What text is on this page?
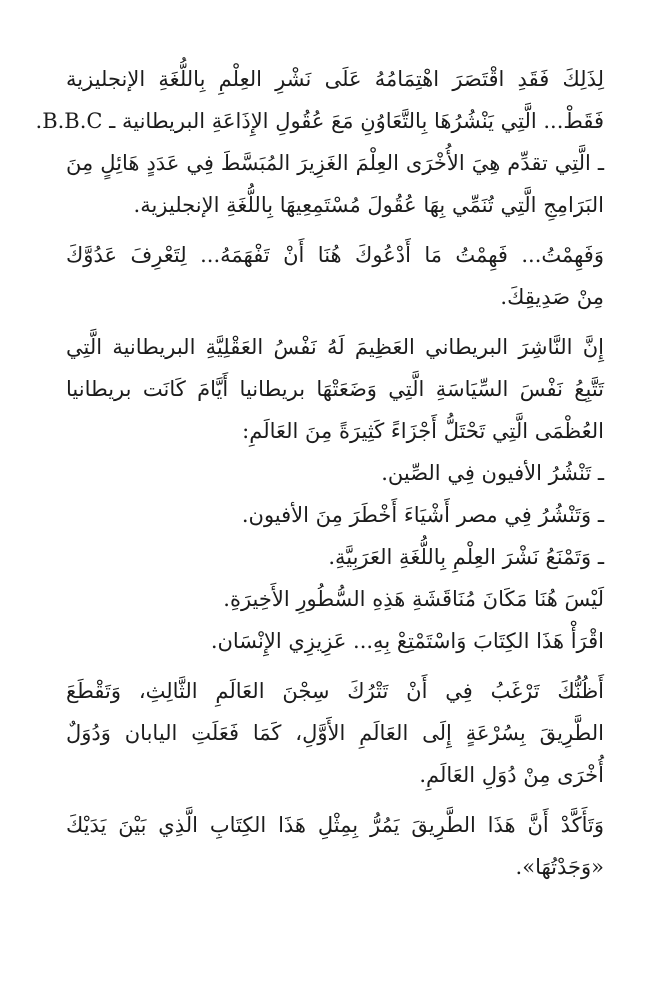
لِذَلِكَ فَقَدِ اقْتَصَرَ اهْتِمَامُهُ عَلَى نَشْرِ العِلْمِ بِاللُّغَةِ الإنجليزية
فَقَطْ... الَّتِي يَنْشُرُهَا بِالتَّعَاوُنِ مَعَ عُقُولِ الإِذَاعَةِ البريطانية ـ B.B.C.
ـ الَّتِي تقدِّم هِيَ الأُخْرَى العِلْمَ الغَزِيرَ المُبَسَّطَ فِي عَدَدٍ هَائِلٍ مِنَ
البَرَامِجِ الَّتِي تُنَمِّي بِهَا عُقُولَ مُسْتَمِعِيهَا بِاللُّغَةِ الإنجليزية.
وَفَهِمْتُ... فَهِمْتُ مَا أَدْعُوكَ هُنَا أَنْ تَفْهَمَهُ... لِتَعْرِفَ عَدُوَّكَ
مِنْ صَدِيقِكَ.
إِنَّ النَّاشِرَ البريطاني العَظِيمَ لَهُ نَفْسُ العَقْلِيَّةِ البريطانية الَّتِي
تَتَّبِعُ نَفْسَ السِّيَاسَةِ الَّتِي وَضَعَتْهَا بريطانيا أَيَّامَ كَانَت بريطانيا
العُظْمَى الَّتِي تَحْتَلُّ أَجْزَاءً كَثِيرَةً مِنَ العَالَمِ:
ـ تَنْشُرُ الأفيون فِي الصِّين.
ـ وَتَنْشُرُ فِي مصر أَشْيَاءَ أَخْطَرَ مِنَ الأفيون.
ـ وَتَمْنَعُ نَشْرَ العِلْمِ بِاللُّغَةِ العَرَبِيَّةِ.
لَيْسَ هُنَا مَكَانَ مُنَاقَشَةِ هَذِهِ السُّطُورِ الأَخِيرَةِ.
اقْرَأْ هَذَا الكِتَابَ وَاسْتَمْتِعْ بِهِ... عَزِيزِي الإِنْسَان.
أَظُنُّكَ تَرْغَبُ فِي أَنْ تَتْرُكَ سِجْنَ العَالَمِ الثَّالِثِ، وَتَقْطَعَ
الطَّرِيقَ بِسُرْعَةٍ إِلَى العَالَمِ الأَوَّلِ، كَمَا فَعَلَتِ اليابان وَدُوَلٌ
أُخْرَى مِنْ دُوَلِ العَالَمِ.
وَتَأَكَّدْ أَنَّ هَذَا الطَّرِيقَ يَمُرُّ بِمِثْلِ هَذَا الكِتَابِ الَّذِي بَيْنَ يَدَيْكَ
«وَجَدْتُهَا».
